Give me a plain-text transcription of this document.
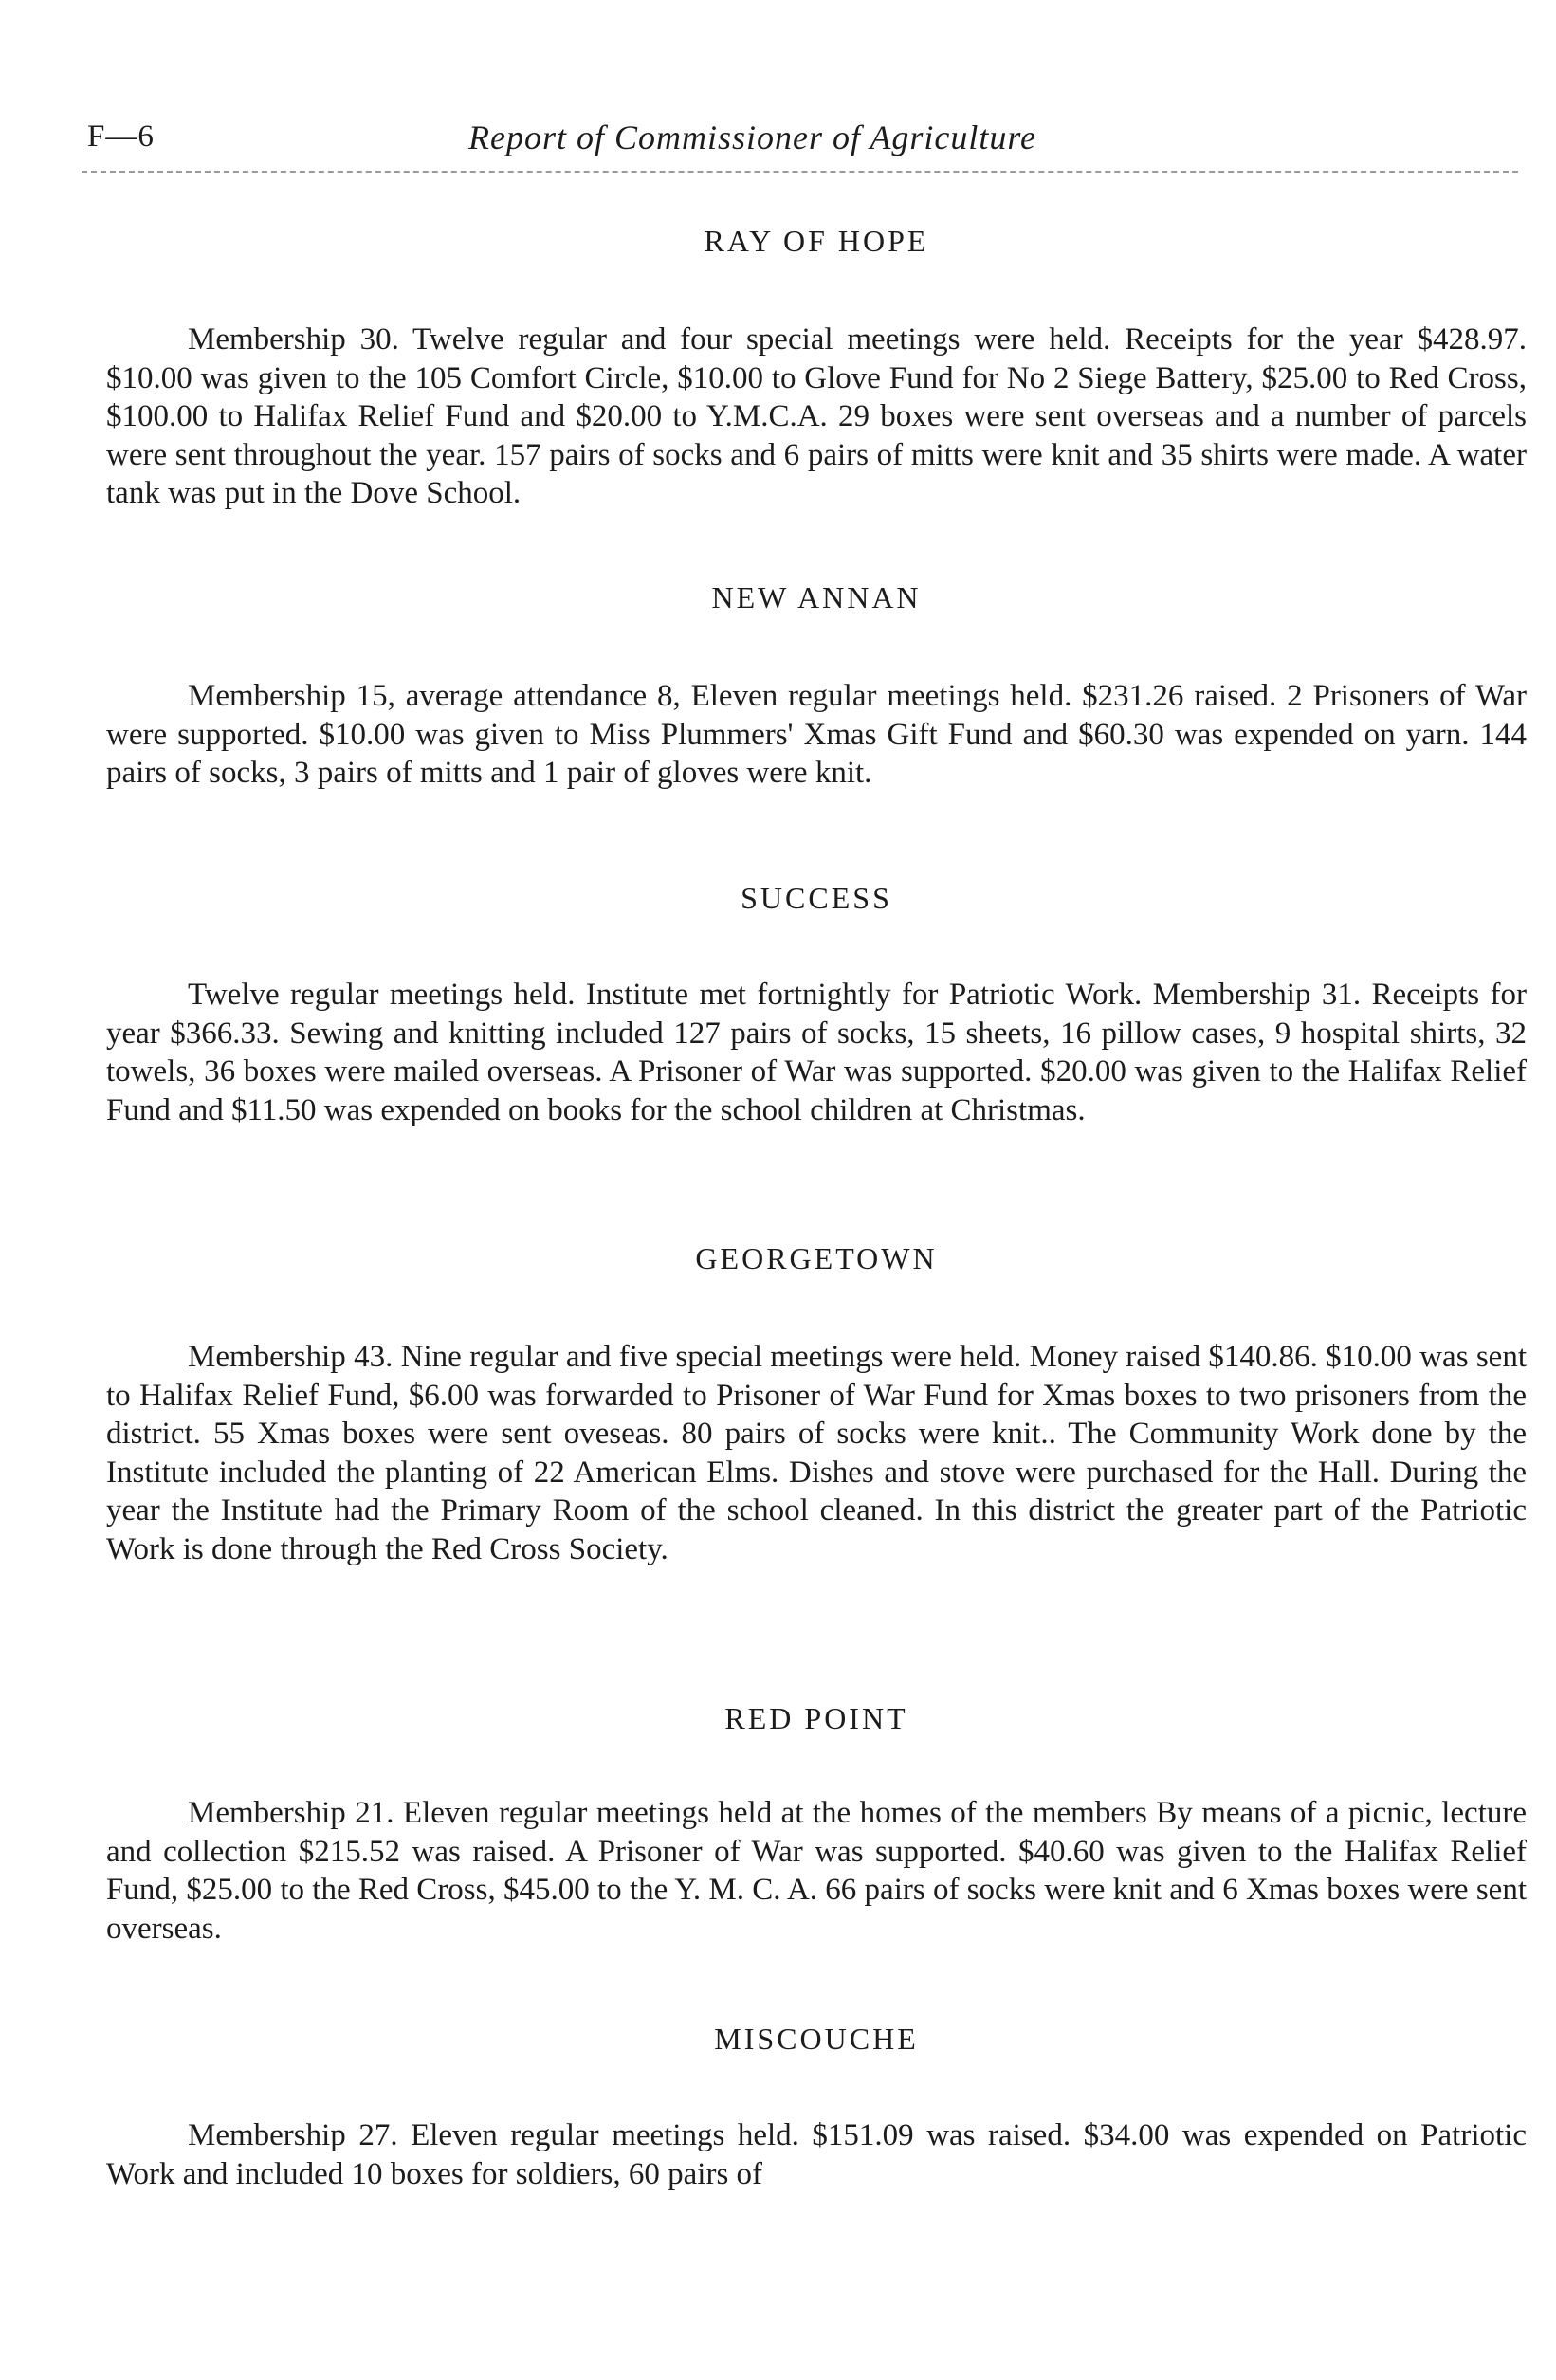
F—6	Report of Commissioner of Agriculture
RAY OF HOPE

Membership 30. Twelve regular and four special meetings were held. Receipts for the year $428.97. $10.00 was given to the 105 Comfort Circle, $10.00 to Glove Fund for No 2 Siege Battery, $25.00 to Red Cross, $100.00 to Halifax Relief Fund and $20.00 to Y.M.C.A. 29 boxes were sent overseas and a number of parcels were sent throughout the year. 157 pairs of socks and 6 pairs of mitts were knit and 35 shirts were made. A water tank was put in the Dove School.

NEW ANNAN

Membership 15, average attendance 8, Eleven regular meetings held. $231.26 raised. 2 Prisoners of War were supported. $10.00 was given to Miss Plummers' Xmas Gift Fund and $60.30 was expended on yarn. 144 pairs of socks, 3 pairs of mitts and 1 pair of gloves were knit.

SUCCESS

Twelve regular meetings held. Institute met fortnightly for Patriotic Work. Membership 31. Receipts for year $366.33. Sewing and knitting included 127 pairs of socks, 15 sheets, 16 pillow cases, 9 hospital shirts, 32 towels, 36 boxes were mailed overseas. A Prisoner of War was supported. $20.00 was given to the Halifax Relief Fund and $11.50 was expended on books for the school children at Christmas.

GEORGETOWN

Membership 43. Nine regular and five special meetings were held. Money raised $140.86. $10.00 was sent to Halifax Relief Fund, $6.00 was forwarded to Prisoner of War Fund for Xmas boxes to two prisoners from the district. 55 Xmas boxes were sent oveseas. 80 pairs of socks were knit.. The Community Work done by the Institute included the planting of 22 American Elms. Dishes and stove were purchased for the Hall. During the year the Institute had the Primary Room of the school cleaned. In this district the greater part of the Patriotic Work is done through the Red Cross Society.

RED POINT

Membership 21. Eleven regular meetings held at the homes of the members By means of a picnic, lecture and collection $215.52 was raised. A Prisoner of War was supported. $40.60 was given to the Halifax Relief Fund, $25.00 to the Red Cross, $45.00 to the Y. M. C. A. 66 pairs of socks were knit and 6 Xmas boxes were sent overseas.

MISCOUCHE

Membership 27. Eleven regular meetings held. $151.09 was raised. $34.00 was expended on Patriotic Work and included 10 boxes for soldiers, 60 pairs of
